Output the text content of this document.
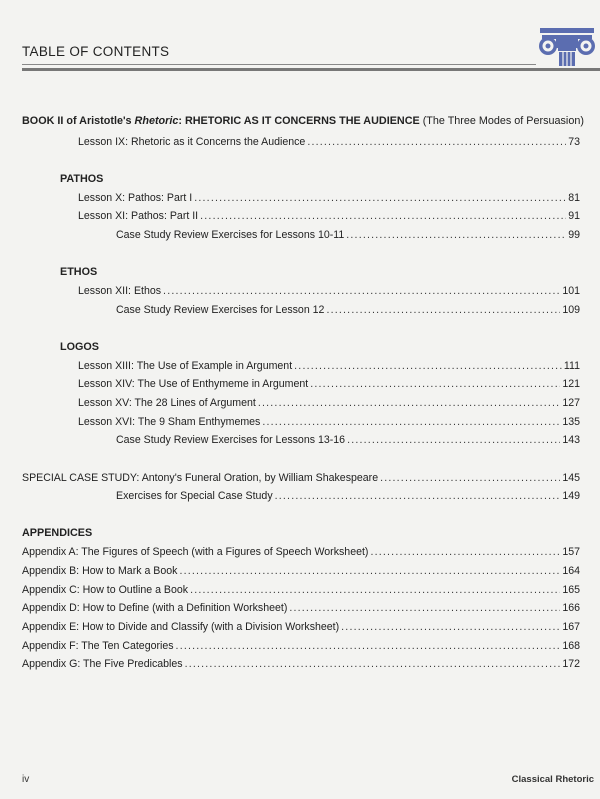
TABLE OF CONTENTS
BOOK II of Aristotle's Rhetoric: RHETORIC AS IT CONCERNS THE AUDIENCE (The Three Modes of Persuasion)
Lesson IX: Rhetoric as it Concerns the Audience .....	73
PATHOS
Lesson X: Pathos: Part I .....	81
Lesson XI: Pathos: Part II .....	91
Case Study Review Exercises for Lessons 10-11 .....	99
ETHOS
Lesson XII: Ethos .....	101
Case Study Review Exercises for Lesson 12 .....	109
LOGOS
Lesson XIII: The Use of Example in Argument .....	111
Lesson XIV: The Use of Enthymeme in Argument .....	121
Lesson XV: The 28 Lines of Argument .....	127
Lesson XVI: The 9 Sham Enthymemes .....	135
Case Study Review Exercises for Lessons 13-16 .....	143
SPECIAL CASE STUDY: Antony's Funeral Oration, by William Shakespeare .....	145
Exercises for Special Case Study .....	149
APPENDICES
Appendix A: The Figures of Speech (with a Figures of Speech Worksheet) .....	157
Appendix B: How to Mark a Book .....	164
Appendix C: How to Outline a Book .....	165
Appendix D: How to Define (with a Definition Worksheet) .....	166
Appendix E: How to Divide and Classify (with a Division Worksheet) .....	167
Appendix F: The Ten Categories .....	168
Appendix G: The Five Predicables .....	172
iv	Classical Rhetoric
